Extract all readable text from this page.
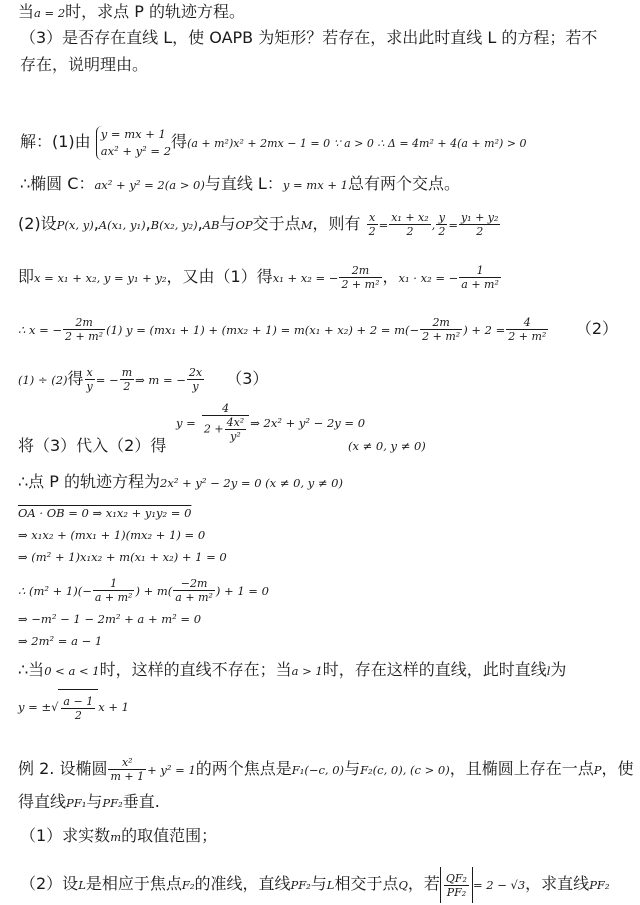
当a = 2时，求点 P 的轨迹方程。
（3）是否存在直线 L，使 OAPB 为矩形？若存在，求出此时直线 L 的方程；若不
存在，说明理由。
解：(1)由 y = mx + 1
ax² + y² = 2 得(a + m²)x² + 2mx − 1 = 0 ∵ a > 0 ∴ Δ = 4m² + 4(a + m²) > 0
∴椭圆 C：ax² + y² = 2(a > 0)与直线 L：y = mx + 1总有两个交点。
(2)设P(x, y),A(x₁, y₁),B(x₂, y₂),AB与OP交于点M，则有 $\frac{x}{2} = \frac{\text{x₁ + x₂}}{2}$ , $\frac{y}{2} = \frac{\text{y₁ + y₂}}{2}$
即x = x₁ + x₂, y = y₁ + y₂，又由（1）得x₁ + x₂ = − $\frac{2m}{\text{2 + m²}}$ ，x₁ · x₂ = − $\frac{1}{\text{a + m²}}$
∴ x = − $\frac{2m}{\text{2 + m²}} (1) y = (mx_1 + 1) + (mx_2 + 1) = m(x_1 + x_2) + 2 = m(- \frac{2m}{\text{2 + m²}}$ ) + $2 = \frac{4}{\text{2 + m²}} (2)$
(1) ÷ (2)得 $\frac{x}{y}$ = − $\frac{m}{2}$ ⇒ m = − $\frac{2x}{y} (3)$
$y = \frac{4}{2 + \frac{\text{4x²}}{\text{y²}}}$ ⇒ 2x² + y² − 2y = 0
将（3）代入（2）得	(x ≠ 0, y ≠ 0)
∴点 P 的轨迹方程为2x² + y² − 2y = 0 (x ≠ 0, y ≠ 0)
OA · OB = 0 ⇒ x₁x₂ + y₁y₂ = 0
⇒ x₁x₂ + (mx₁ + 1)(mx₂ + 1) = 0
⇒ (m² + 1)x₁x₂ + m(x₁ + x₂) + 1 = 0
∴ $(m^2 + 1)(- \frac{1}{\text{a + m²}}$ ) + $m( \frac{-2m}{\text{a + m²}}$ ) + 1 = 0
⇒ −m² − 1 − 2m² + a + m² = 0
⇒ 2m² = a − 1
∴当0 < a < 1时，这样的直线不存在；当a > 1时，存在这样的直线，此时直线l为
y = ± √ $\frac{a - 1}{2}$ x + 1
例 2. 设椭圆 $\frac{\text{x²}}{m + 1} + y^2 = 1$的两个焦点是F₁(−c, 0)与F₂(c, 0), (c > 0)，且椭圆上存在一点P，使
得直线PF₁与PF₂垂直.
（1）求实数m的取值范围；
（2）设L是相应于焦点F₂的准线，直线PF₂与L相交于点Q，若 $\frac{\text{QF₂}}{\text{PF₂}} = 2 - √3$，求直线PF₂
